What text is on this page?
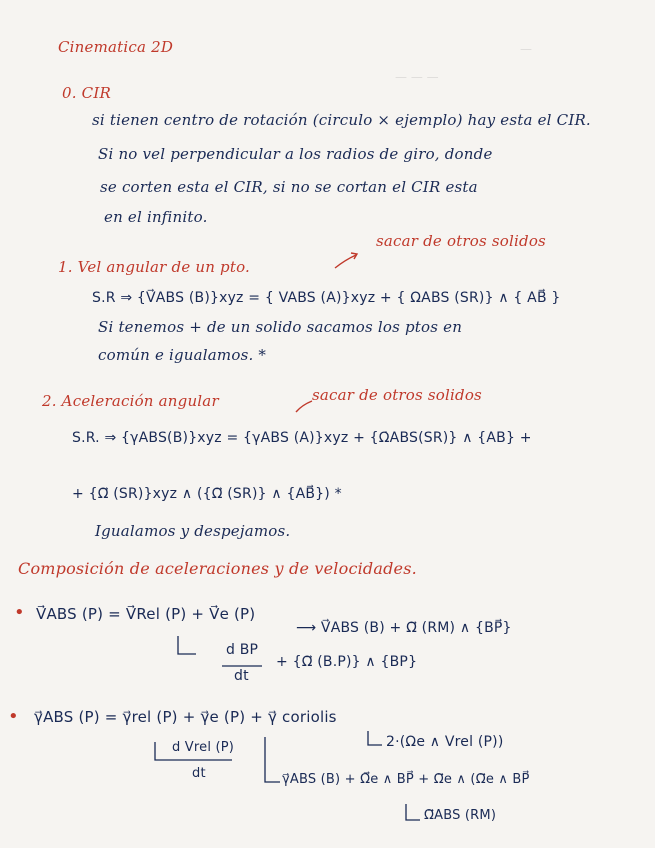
—
— — —
Cinematica 2D
0. CIR
si tienen centro de rotación (circulo × ejemplo) hay esta el CIR.
Si no vel perpendicular a los radios de giro, donde
se corten esta el CIR, si no se cortan el CIR esta
en el infinito.
1. Vel angular de un pto.
sacar de otros solidos
S.R ⇒ {V⃗ABS (B)}xyz = { VABS (A)}xyz + { ΩABS (SR)} ∧ { AB⃗ }
Si tenemos + de un solido sacamos los ptos en
común e igualamos. *
2. Aceleración angular	sacar de otros solidos
S.R. ⇒ {γABS(B)}xyz = {γABS (A)}xyz + {Ω̇ABS(SR)} ∧ {AB} +
+ {Ω⃗ (SR)}xyz ∧ ({Ω⃗ (SR)} ∧ {AB⃗}) *
Igualamos y despejamos.
Composición de aceleraciones y de velocidades.
• V⃗ABS (P) = V⃗Rel (P) + V⃗e (P)
⟶ V⃗ABS (B) + Ω⃗ (RM) ∧ {BP⃗}
d BP
dt
+ {Ω⃗ (B.P)} ∧ {BP}
• γ⃗ABS (P) = γ⃗rel (P) + γ⃗e (P) + γ⃗ coriolis
2·(Ωe ∧ Vrel (P))
d Vrel (P)
dt	γ⃗ABS (B) + Ω̇⃗e ∧ BP⃗ + Ω⃗e ∧ (Ω⃗e ∧ BP⃗
Ω⃗ABS (RM)
